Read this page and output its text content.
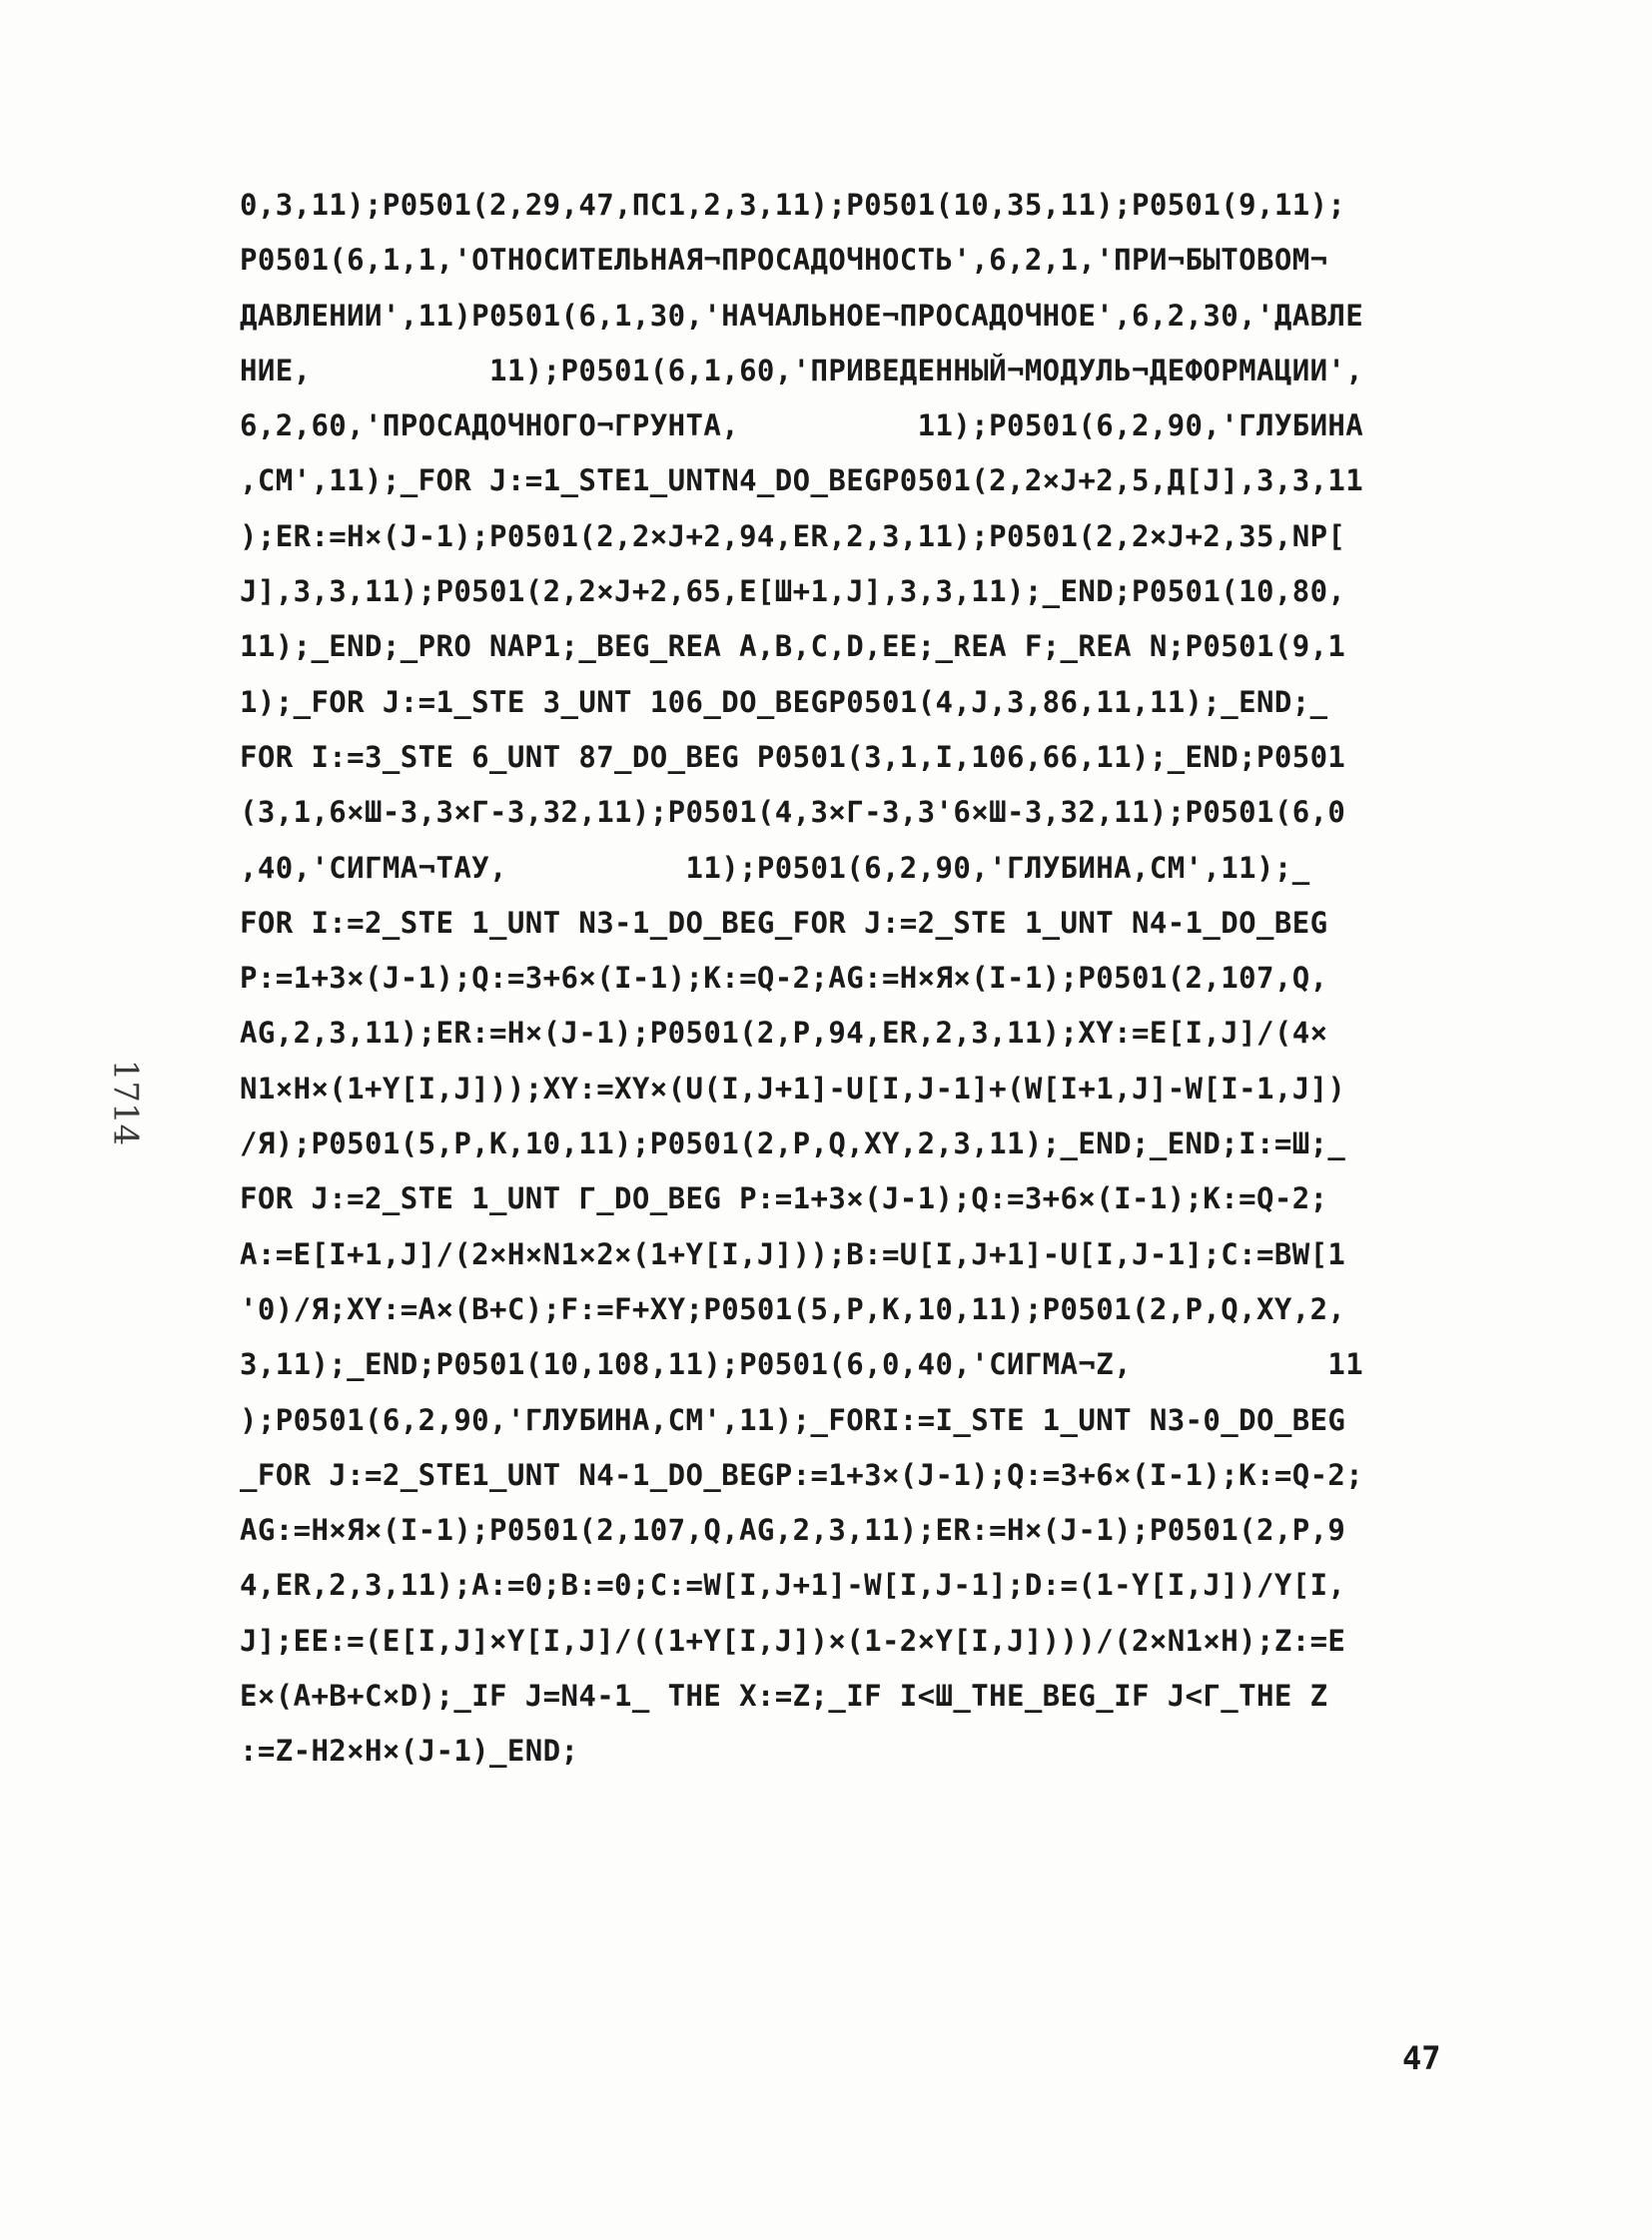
0,3,11);P0501(2,29,47,ПС1,2,3,11);P0501(10,35,11);P0501(9,11);
P0501(6,1,1,'ОТНОСИТЕЛЬНАЯ¬ПРОСАДОЧНОСТЬ',6,2,1,'ПРИ¬БЫТОВОМ¬
ДАВЛЕНИИ',11)P0501(6,1,30,'НАЧАЛЬНОЕ¬ПРОСАДОЧНОЕ',6,2,30,'ДАВЛЕ
НИЕ,          11);P0501(6,1,60,'ПРИВЕДЕННЫЙ¬МОДУЛЬ¬ДЕФОРМАЦИИ',
6,2,60,'ПРОСАДОЧНОГО¬ГРУНТА,          11);P0501(6,2,90,'ГЛУБИНА
,СМ',11);_FOR J:=1_STE1_UNTN4_DO_BEGP0501(2,2×J+2,5,Д[J],3,3,11
);ER:=H×(J-1);P0501(2,2×J+2,94,ER,2,3,11);P0501(2,2×J+2,35,NP[
J],3,3,11);P0501(2,2×J+2,65,E[Ш+1,J],3,3,11);_END;P0501(10,80,
11);_END;_PRO NAP1;_BEG_REA A,B,C,D,EE;_REA F;_REA N;P0501(9,1
1);_FOR J:=1_STE 3_UNT 106_DO_BEGP0501(4,J,3,86,11,11);_END;_
FOR I:=3_STE 6_UNT 87_DO_BEG P0501(3,1,I,106,66,11);_END;P0501
(3,1,6×Ш-3,3×Г-3,32,11);P0501(4,3×Г-3,3'6×Ш-3,32,11);P0501(6,0
,40,'СИГМА¬ТАУ,          11);P0501(6,2,90,'ГЛУБИНА,СМ',11);_
FOR I:=2_STE 1_UNT N3-1_DO_BEG_FOR J:=2_STE 1_UNT N4-1_DO_BEG
P:=1+3×(J-1);Q:=3+6×(I-1);K:=Q-2;AG:=H×Я×(I-1);P0501(2,107,Q,
AG,2,3,11);ER:=H×(J-1);P0501(2,P,94,ER,2,3,11);XY:=E[I,J]/(4×
N1×H×(1+Y[I,J]));XY:=XY×(U(I,J+1]-U[I,J-1]+(W[I+1,J]-W[I-1,J])
/Я);P0501(5,P,K,10,11);P0501(2,P,Q,XY,2,3,11);_END;_END;I:=Ш;_
FOR J:=2_STE 1_UNT Г_DO_BEG P:=1+3×(J-1);Q:=3+6×(I-1);K:=Q-2;
A:=E[I+1,J]/(2×H×N1×2×(1+Y[I,J]));B:=U[I,J+1]-U[I,J-1];C:=BW[1
'0)/Я;XY:=A×(B+C);F:=F+XY;P0501(5,P,K,10,11);P0501(2,P,Q,XY,2,
3,11);_END;P0501(10,108,11);P0501(6,0,40,'СИГМА¬Z,           11
);P0501(6,2,90,'ГЛУБИНА,СМ',11);_FORI:=I_STE 1_UNT N3-0_DO_BEG
_FOR J:=2_STE1_UNT N4-1_DO_BEGP:=1+3×(J-1);Q:=3+6×(I-1);K:=Q-2;
AG:=H×Я×(I-1);P0501(2,107,Q,AG,2,3,11);ER:=H×(J-1);P0501(2,P,9
4,ER,2,3,11);A:=0;B:=0;C:=W[I,J+1]-W[I,J-1];D:=(1-Y[I,J])/Y[I,
J];EE:=(E[I,J]×Y[I,J]/((1+Y[I,J])×(1-2×Y[I,J])))/(2×N1×H);Z:=E
E×(A+B+C×D);_IF J=N4-1_ THE X:=Z;_IF I<Ш_THE_BEG_IF J<Г_THE Z
:=Z-H2×H×(J-1)_END;
1714
47
